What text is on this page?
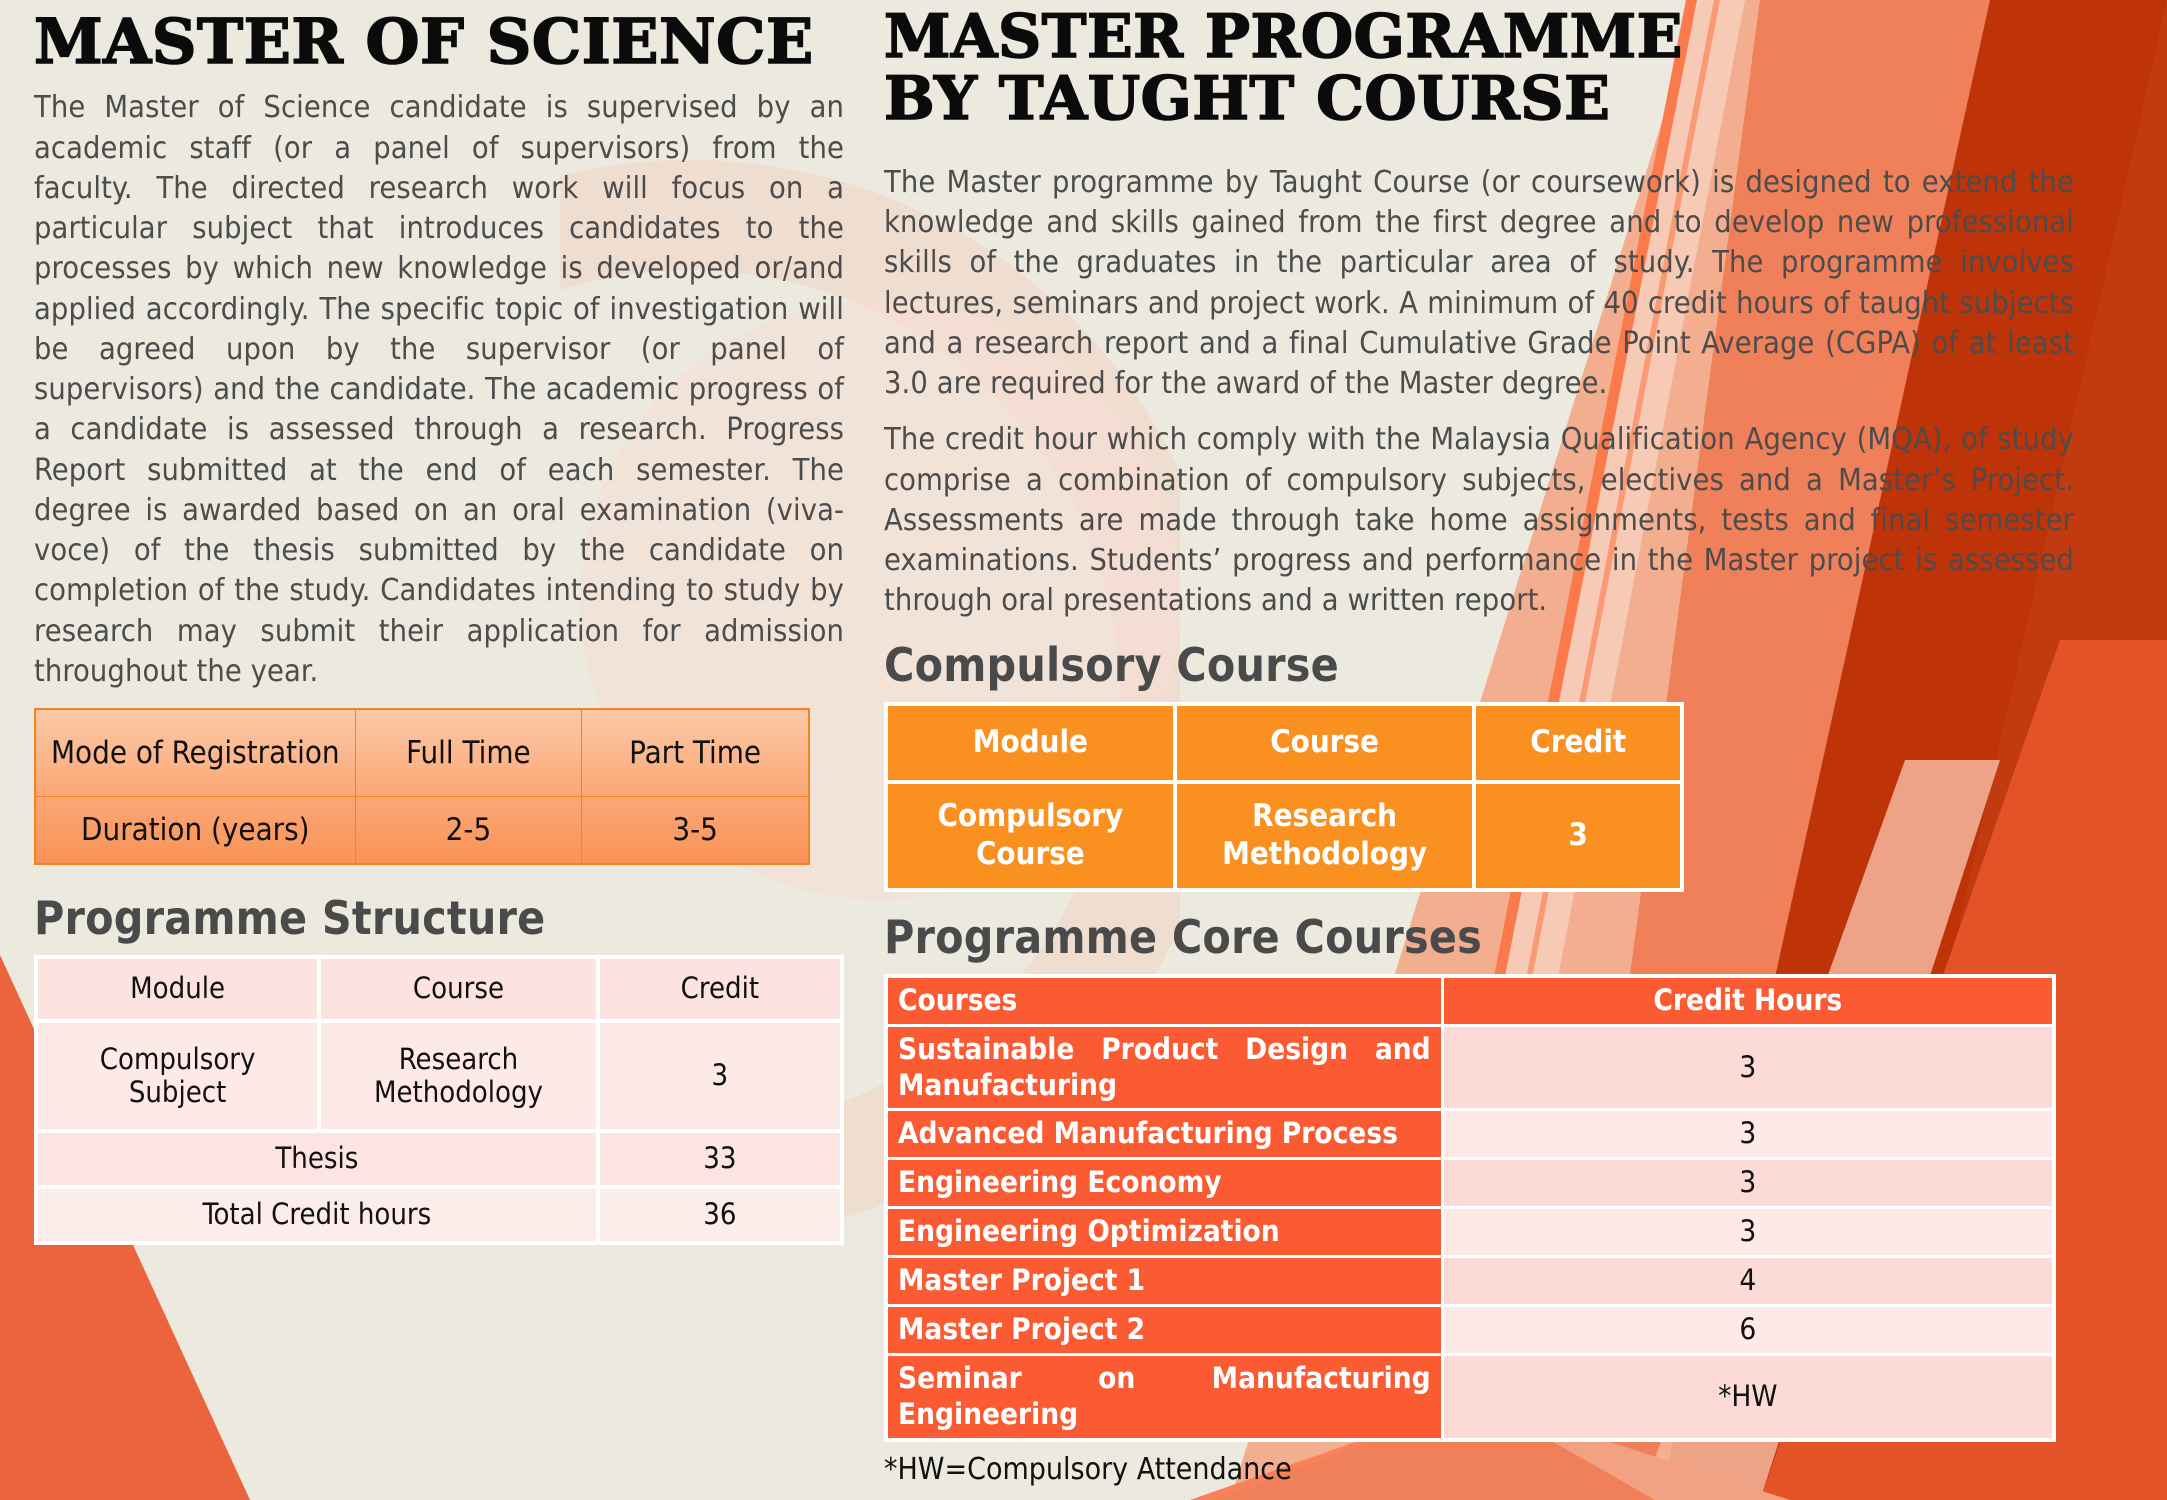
MASTER OF SCIENCE

The Master of Science candidate is supervised by an academic staff (or a panel of supervisors) from the faculty. The directed research work will focus on a particular subject that introduces candidates to the processes by which new knowledge is developed or/and applied accordingly. The specific topic of investigation will be agreed upon by the supervisor (or panel of supervisors) and the candidate. The academic progress of a candidate is assessed through a research. Progress Report submitted at the end of each semester. The degree is awarded based on an oral examination (viva-voce) of the thesis submitted by the candidate on completion of the study. Candidates intending to study by research may submit their application for admission throughout the year.

Mode of Registration	Full Time	Part Time
Duration (years)	2-5	3-5
Programme Structure
Module	Course	Credit
Compulsory Subject	Research Methodology	3
Thesis		33
Total Credit hours		36
MASTER PROGRAMME
BY TAUGHT COURSE

The Master programme by Taught Course (or coursework) is designed to extend the knowledge and skills gained from the first degree and to develop new professional skills of the graduates in the particular area of study. The programme involves lectures, seminars and project work. A minimum of 40 credit hours of taught subjects and a research report and a final Cumulative Grade Point Average (CGPA) of at least 3.0 are required for the award of the Master degree.

The credit hour which comply with the Malaysia Qualification Agency (MQA), of study comprise a combination of compulsory subjects, electives and a Master’s Project. Assessments are made through take home assignments, tests and final semester examinations. Students’ progress and performance in the Master project is assessed through oral presentations and a written report.

Compulsory Course
Module	Course	Credit
Compulsory Course	Research Methodology	3
Programme Core Courses
Courses	Credit Hours
Sustainable Product Design and Manufacturing	3
Advanced Manufacturing Process	3
Engineering Economy	3
Engineering Optimization	3
Master Project 1	4
Master Project 2	6
Seminar on Manufacturing Engineering	*HW
*HW=Compulsory Attendance
